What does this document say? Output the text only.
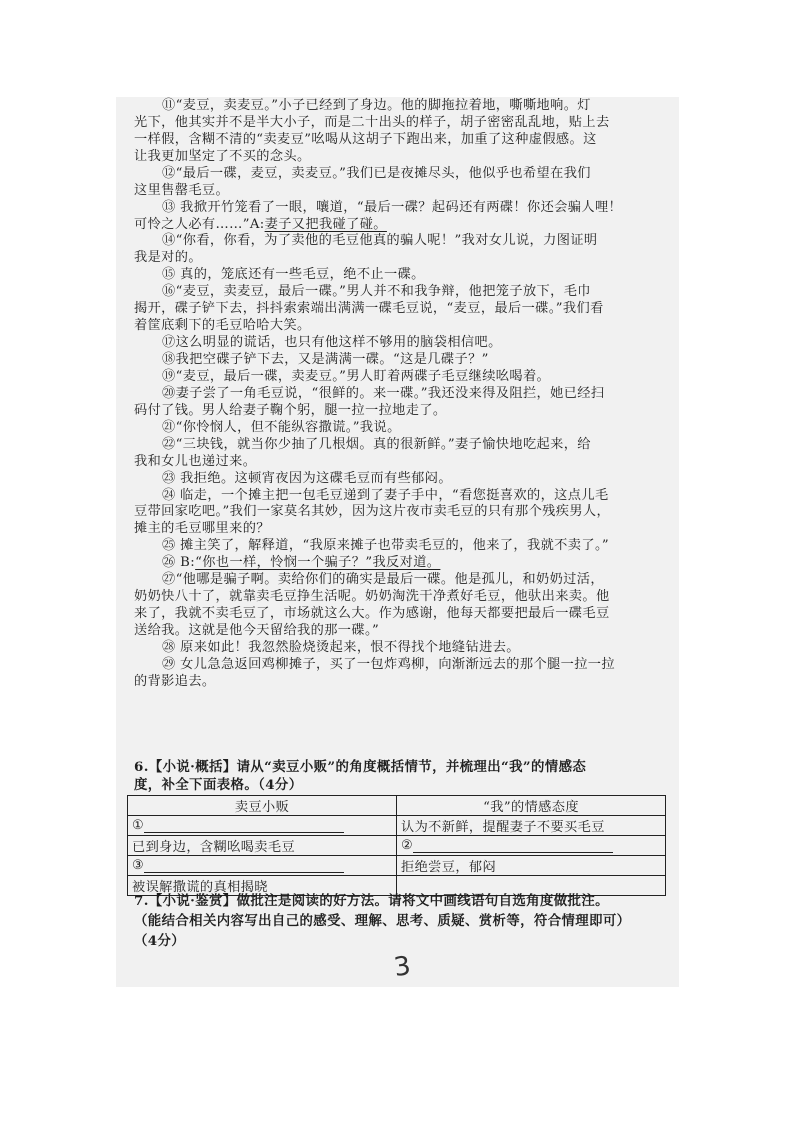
⑪“麦豆，卖麦豆。”小子已经到了身边。他的脚拖拉着地，嘶嘶地响。灯
光下，他其实并不是半大小子，而是二十出头的样子，胡子密密乱乱地，贴上去
一样假，含糊不清的“卖麦豆”吆喝从这胡子下跑出来，加重了这种虚假感。这
让我更加坚定了不买的念头。
⑫“最后一碟，麦豆，卖麦豆。”我们已是夜摊尽头，他似乎也希望在我们
这里售罄毛豆。
⑬ 我掀开竹笼看了一眼，嚷道，“最后一碟？起码还有两碟！你还会骗人哩！
可怜之人必有……”A:妻子又把我碰了碰。
⑭“你看，你看，为了卖他的毛豆他真的骗人呢！”我对女儿说，力图证明
我是对的。
⑮ 真的，笼底还有一些毛豆，绝不止一碟。
⑯“麦豆，卖麦豆，最后一碟。”男人并不和我争辩，他把笼子放下，毛巾
揭开，碟子铲下去，抖抖索索端出满满一碟毛豆说，“麦豆，最后一碟。”我们看
着筐底剩下的毛豆哈哈大笑。
⑰这么明显的谎话，也只有他这样不够用的脑袋相信吧。
⑱我把空碟子铲下去，又是满满一碟。“这是几碟子？”
⑲“麦豆，最后一碟，卖麦豆。”男人盯着两碟子毛豆继续吆喝着。
⑳妻子尝了一角毛豆说，“很鲜的。来一碟。”我还没来得及阻拦，她已经扫
码付了钱。男人给妻子鞠个躬，腿一拉一拉地走了。
㉑“你怜悯人，但不能纵容撒谎。”我说。
㉒“三块钱，就当你少抽了几根烟。真的很新鲜。”妻子愉快地吃起来，给
我和女儿也递过来。
㉓ 我拒绝。这顿宵夜因为这碟毛豆而有些郁闷。
㉔ 临走，一个摊主把一包毛豆递到了妻子手中，“看您挺喜欢的，这点儿毛
豆带回家吃吧。”我们一家莫名其妙，因为这片夜市卖毛豆的只有那个残疾男人，
摊主的毛豆哪里来的？
㉕ 摊主笑了，解释道，“我原来摊子也带卖毛豆的，他来了，我就不卖了。”
㉖ B:“你也一样，怜悯一个骗子？”我反对道。
㉗“他哪是骗子啊。卖给你们的确实是最后一碟。他是孤儿，和奶奶过活，
奶奶快八十了，就靠卖毛豆挣生活呢。奶奶淘洗干净煮好毛豆，他驮出来卖。他
来了，我就不卖毛豆了，市场就这么大。作为感谢，他每天都要把最后一碟毛豆
送给我。这就是他今天留给我的那一碟。”
㉘ 原来如此！我忽然脸烧烫起来，恨不得找个地缝钻进去。
㉙ 女儿急急返回鸡柳摊子，买了一包炸鸡柳，向渐渐远去的那个腿一拉一拉
的背影追去。
卖豆小贩	“我”的情感态度
①	认为不新鲜，提醒妻子不要买毛豆
已到身边，含糊吆喝卖毛豆	②
③	拒绝尝豆，郁闷
被误解撒谎的真相揭晓	
6.【小说·概括】请从“卖豆小贩”的角度概括情节，并梳理出“我”的情感态
度，补全下面表格。（4分）
7.【小说·鉴赏】做批注是阅读的好方法。请将文中画线语句自选角度做批注。
（能结合相关内容写出自己的感受、理解、思考、质疑、赏析等，符合情理即可）
（4分）
3
